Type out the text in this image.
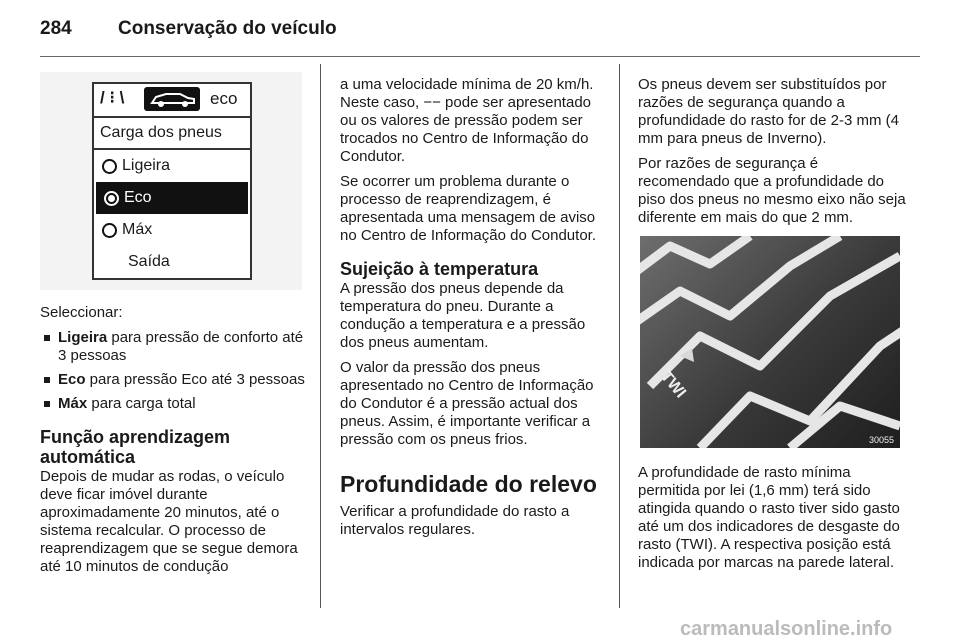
284 Conservação do veículo
/ ⁝ \	eco
Carga dos pneus
Ligeira
Eco
Máx
Saída

Seleccionar:

Ligeira para pressão de conforto até 3 pessoas
Eco para pressão Eco até 3 pessoas
Máx para carga total
Função aprendizagem automática

Depois de mudar as rodas, o veículo deve ficar imóvel durante aproximadamente 20 minutos, até o sistema recalcular. O processo de reaprendizagem que se segue demora até 10 minutos de condução

a uma velocidade mínima de 20 km/h. Neste caso, −− pode ser apresentado ou os valores de pressão podem ser trocados no Centro de Informação do Condutor.

Se ocorrer um problema durante o processo de reaprendizagem, é apresentada uma mensagem de aviso no Centro de Informação do Condutor.

Sujeição à temperatura

A pressão dos pneus depende da temperatura do pneu. Durante a condução a temperatura e a pressão dos pneus aumentam.

O valor da pressão dos pneus apresentado no Centro de Informação do Condutor é a pressão actual dos pneus. Assim, é importante verificar a pressão com os pneus frios.

Profundidade do relevo

Verificar a profundidade do rasto a intervalos regulares.

Os pneus devem ser substituídos por razões de segurança quando a profundidade do rasto for de 2-3 mm (4 mm para pneus de Inverno).

Por razões de segurança é recomendado que a profundidade do piso dos pneus no mesmo eixo não seja diferente em mais do que 2 mm.

TWI
30055

A profundidade de rasto mínima permitida por lei (1,6 mm) terá sido atingida quando o rasto tiver sido gasto até um dos indicadores de desgaste do rasto (TWI). A respectiva posição está indicada por marcas na parede lateral.

carmanualsonline.info
